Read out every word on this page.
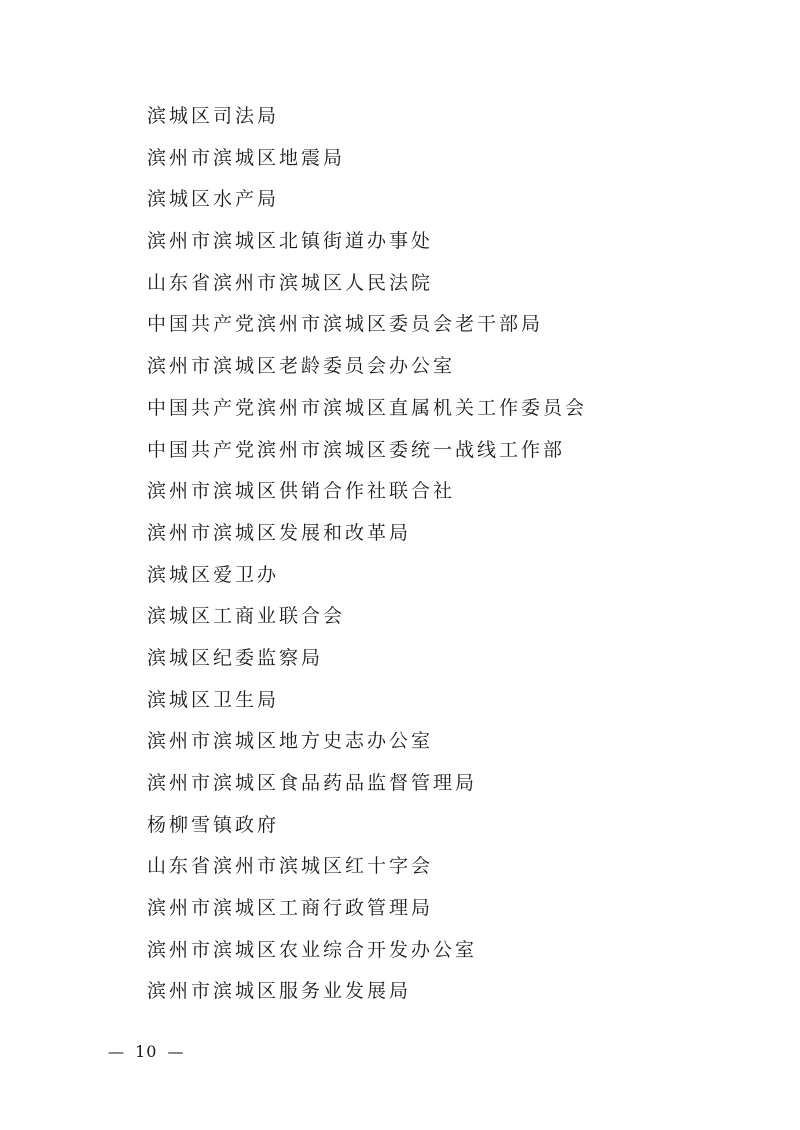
滨城区司法局
滨州市滨城区地震局
滨城区水产局
滨州市滨城区北镇街道办事处
山东省滨州市滨城区人民法院
中国共产党滨州市滨城区委员会老干部局
滨州市滨城区老龄委员会办公室
中国共产党滨州市滨城区直属机关工作委员会
中国共产党滨州市滨城区委统一战线工作部
滨州市滨城区供销合作社联合社
滨州市滨城区发展和改革局
滨城区爱卫办
滨城区工商业联合会
滨城区纪委监察局
滨城区卫生局
滨州市滨城区地方史志办公室
滨州市滨城区食品药品监督管理局
杨柳雪镇政府
山东省滨州市滨城区红十字会
滨州市滨城区工商行政管理局
滨州市滨城区农业综合开发办公室
滨州市滨城区服务业发展局
— 10 —
